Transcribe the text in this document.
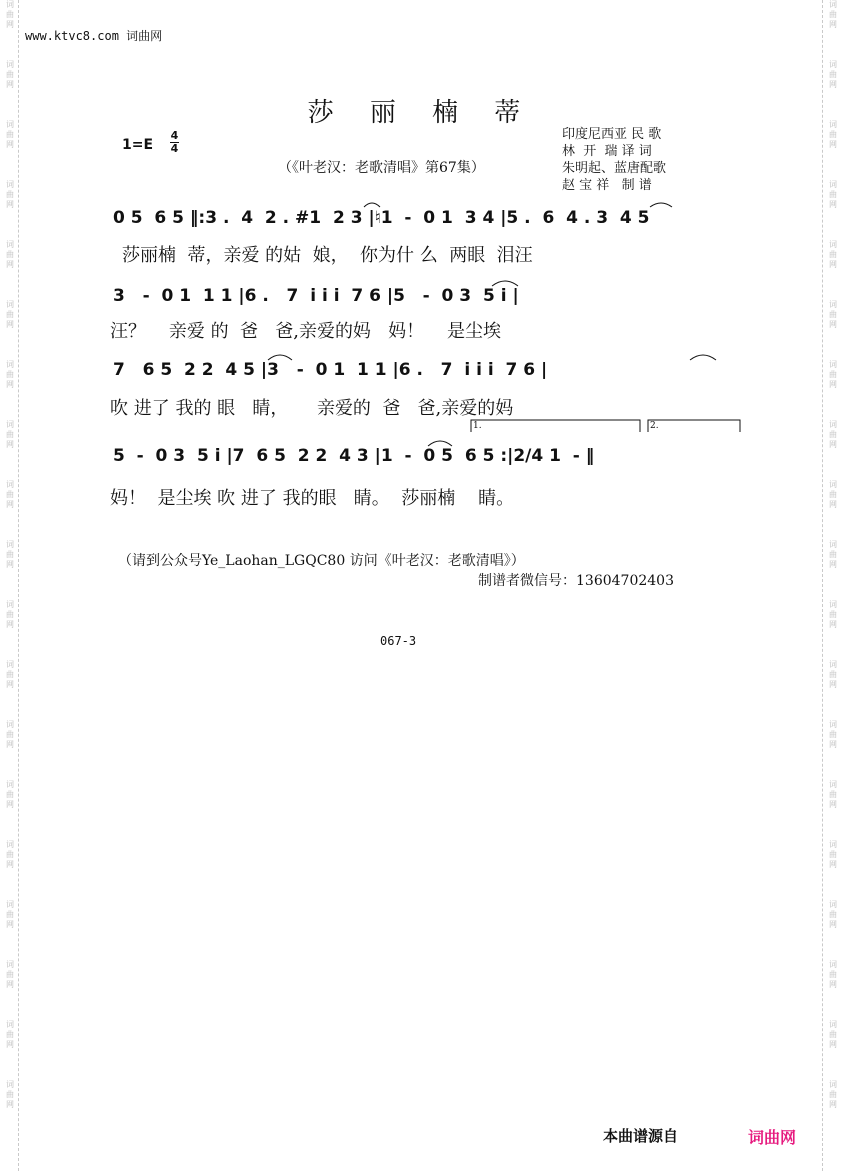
词
曲
网
词
曲
网
词
曲
网
词
曲
网
词
曲
网
词
曲
网
词
曲
网
词
曲
网
词
曲
网
词
曲
网
词
曲
网
词
曲
网
词
曲
网
词
曲
网
词
曲
网
词
曲
网
词
曲
网
词
曲
网
词
曲
网
词
曲
网
词
曲
网
词
曲
网
词
曲
网
词
曲
网
词
曲
网
词
曲
网
词
曲
网
词
曲
网
词
曲
网
词
曲
网
词
曲
网
词
曲
网
词
曲
网
词
曲
网
词
曲
网
词
曲
网
词
曲
网
词
曲
网
www.ktvc8.com 词曲网
莎 丽 楠 蒂
1=E
4
4
（《叶老汉：老歌清唱》第67集）
印度尼西亚 民 歌
林  开  瑞 译 词
朱明起、蓝唐配歌
赵 宝 祥   制 谱
0 5  6 5 ‖:3 .  4  2 . #1  2 3 |♮1  -  0 1  3 4 |5 .  6  4 . 3  4 5
莎丽楠  蒂，亲爱 的姑  娘，  你为什 么  两眼  泪汪
3   -  0 1  1 1 |6 .   7  i i i  7 6 |5   -  0 3  5 i |
汪？    亲爱 的  爸   爸,亲爱的妈   妈！    是尘埃
7   6 5  2 2  4 5 |3   -  0 1  1 1 |6 .   7  i i i  7 6 |
吹 进了 我的 眼   睛，     亲爱的  爸   爸,亲爱的妈
5  -  0 3  5 i |7  6 5  2 2  4 3 |1  -  0 5  6 5 :|2/4 1  - ‖
妈！  是尘埃 吹 进了 我的眼   睛。  莎丽楠    睛。
1.	2.
（请到公众号Ye_Laohan_LGQC80 访问《叶老汉：老歌清唱》）
制谱者微信号：13604702403
067-3
本曲谱源自	词曲网
